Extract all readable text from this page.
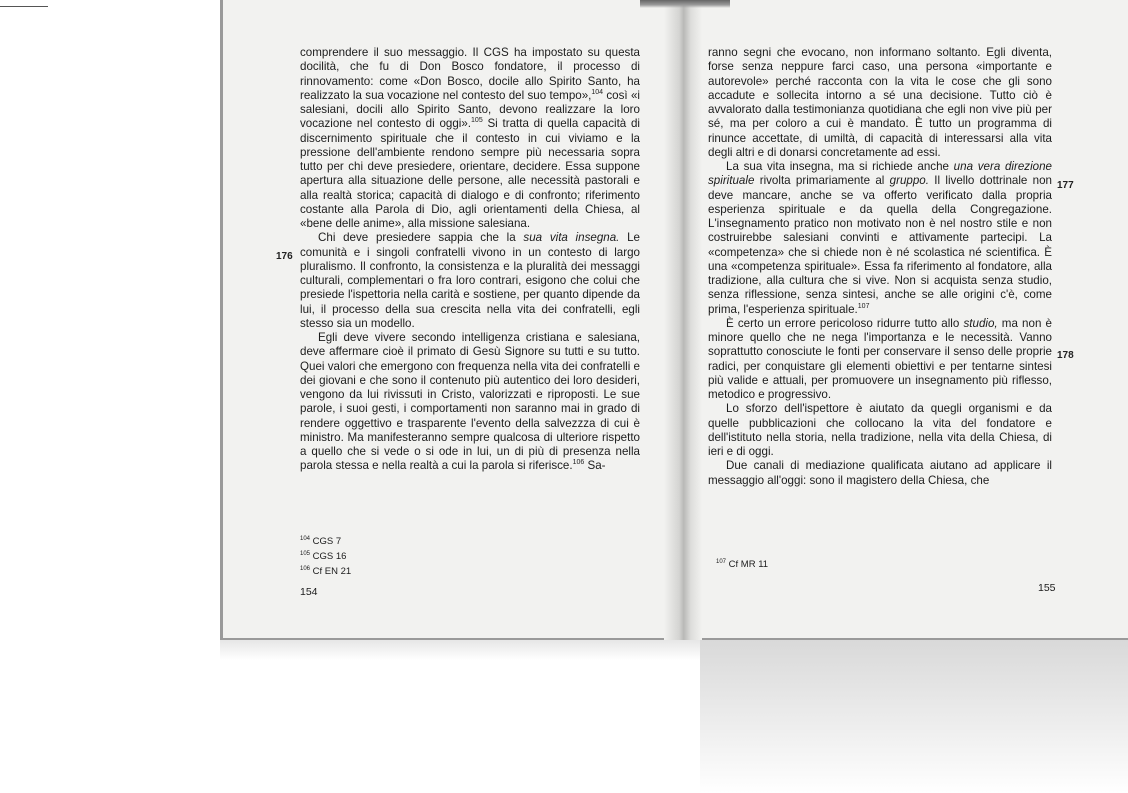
comprendere il suo messaggio. Il CGS ha impostato su questa docilità, che fu di Don Bosco fondatore, il processo di rinnovamento: come «Don Bosco, docile allo Spirito Santo, ha realizzato la sua vocazione nel contesto del suo tempo»,$^{104}$ così «i salesiani, docili allo Spirito Santo, devono realizzare la loro vocazione nel contesto di oggi».$^{105}$ Si tratta di quella capacità di discernimento spirituale che il contesto in cui viviamo e la pressione dell'ambiente rendono sempre più necessaria sopra tutto per chi deve presiedere, orientare, decidere. Essa suppone apertura alla situazione delle persone, alle necessità pastorali e alla realtà storica; capacità di dialogo e di confronto; riferimento costante alla Parola di Dio, agli orientamenti della Chiesa, al «bene delle anime», alla missione salesiana.

Chi deve presiedere sappia che la sua vita insegna. Le comunità e i singoli confratelli vivono in un contesto di largo pluralismo. Il confronto, la consistenza e la pluralità dei messaggi culturali, complementari o fra loro contrari, esigono che colui che presiede l'ispettoria nella carità e sostiene, per quanto dipende da lui, il processo della sua crescita nella vita dei confratelli, egli stesso sia un modello.

Egli deve vivere secondo intelligenza cristiana e salesiana, deve affermare cioè il primato di Gesù Signore su tutti e su tutto. Quei valori che emergono con frequenza nella vita dei confratelli e dei giovani e che sono il contenuto più autentico dei loro desideri, vengono da lui rivissuti in Cristo, valorizzati e riproposti. Le sue parole, i suoi gesti, i comportamenti non saranno mai in grado di rendere oggettivo e trasparente l'evento della salvezzza di cui è ministro. Ma manifesteranno sempre qualcosa di ulteriore rispetto a quello che si vede o si ode in lui, un di più di presenza nella parola stessa e nella realtà a cui la parola si riferisce.$^{106}$ Sa-

176
$^{104}$ CGS 7
$^{105}$ CGS 16
$^{106}$ Cf EN 21
154

ranno segni che evocano, non informano soltanto. Egli diventa, forse senza neppure farci caso, una persona «importante e autorevole» perché racconta con la vita le cose che gli sono accadute e sollecita intorno a sé una decisione. Tutto ciò è avvalorato dalla testimonianza quotidiana che egli non vive più per sé, ma per coloro a cui è mandato. È tutto un programma di rinunce accettate, di umiltà, di capacità di interessarsi alla vita degli altri e di donarsi concretamente ad essi.

La sua vita insegna, ma si richiede anche una vera direzione spirituale rivolta primariamente al gruppo. Il livello dottrinale non deve mancare, anche se va offerto verificato dalla propria esperienza spirituale e da quella della Congregazione. L'insegnamento pratico non motivato non è nel nostro stile e non costruirebbe salesiani convinti e attivamente partecipi. La «competenza» che si chiede non è né scolastica né scientifica. È una «competenza spirituale». Essa fa riferimento al fondatore, alla tradizione, alla cultura che si vive. Non si acquista senza studio, senza riflessione, senza sintesi, anche se alle origini c'è, come prima, l'esperienza spirituale.$^{107}$

È certo un errore pericoloso ridurre tutto allo studio, ma non è minore quello che ne nega l'importanza e le necessità. Vanno soprattutto conosciute le fonti per conservare il senso delle proprie radici, per conquistare gli elementi obiettivi e per tentarne sintesi più valide e attuali, per promuovere un insegnamento più riflesso, metodico e progressivo.

Lo sforzo dell'ispettore è aiutato da quegli organismi e da quelle pubblicazioni che collocano la vita del fondatore e dell'istituto nella storia, nella tradizione, nella vita della Chiesa, di ieri e di oggi.

Due canali di mediazione qualificata aiutano ad applicare il messaggio all'oggi: sono il magistero della Chiesa, che

177
178
$^{107}$ Cf MR 11
155
